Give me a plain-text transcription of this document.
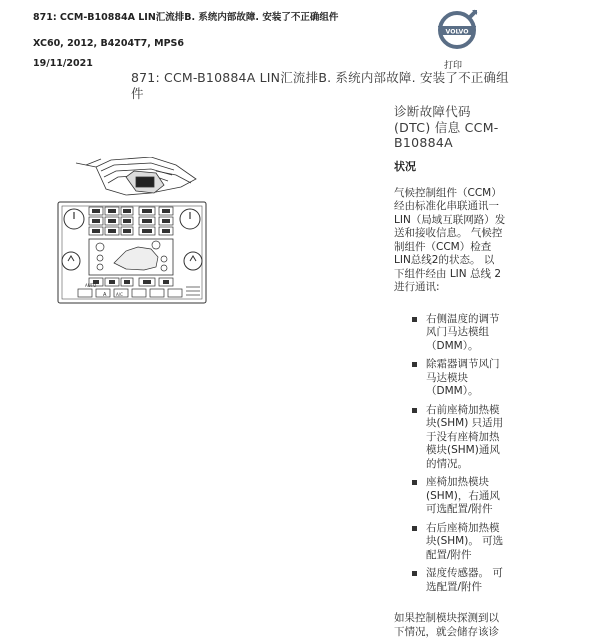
871: CCM-B10884A LIN汇流排B. 系统内部故障. 安装了不正确组件
VOLVO
XC60, 2012, B4204T7, MPS6
19/11/2021	打印
871: CCM-B10884A LIN汇流排B. 系统内部故障. 安装了不正确组
件
AUTO
A A/C
诊断故障代码
(DTC) 信息 CCM-
B10884A
状况
气候控制组件（CCM）
经由标准化串联通讯一
LIN（局域互联网路）发
送和接收信息。 气候控
制组件（CCM）检查
LIN总线2的状态。 以
下组件经由 LIN 总线 2
进行通讯:
右侧温度的调节
风门马达模组
（DMM）。
除霜器调节风门
马达模块
（DMM）。
右前座椅加热模
块(SHM) 只适用
于没有座椅加热
模块(SHM)通风
的情况。
座椅加热模块
(SHM)，右通风
可选配置/附件
右后座椅加热模
块(SHM)。 可选
配置/附件
湿度传感器。 可
选配置/附件
如果控制模块探测到以
下情况，就会储存该诊
